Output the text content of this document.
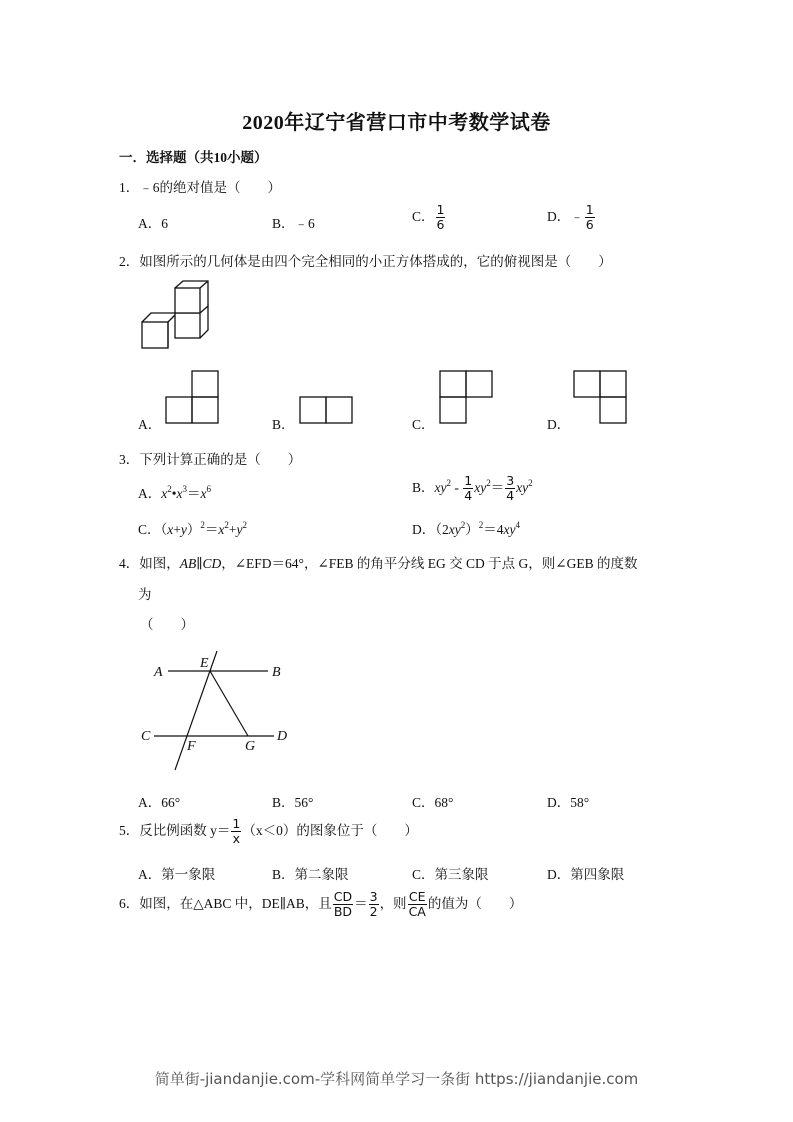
2020年辽宁省营口市中考数学试卷
一．选择题（共10小题）
1．﹣6的绝对值是（　　）
A．6	B．﹣6	C． $\frac{1}{6}$	D．﹣ $\frac{1}{6}$
2．如图所示的几何体是由四个完全相同的小正方体搭成的，它的俯视图是（　　）
A．	B．	C．	D．
3．下列计算正确的是（　　）
A．$x^2•x^3=x^6$	B．$xy^2 - \frac{1}{4} xy^2= \frac{3}{4} xy^2$
C．$(x+y)^2=x^2+y^2$	D．$(2xy^2)^2=4xy^4$
4．如图，AB∥CD，∠EFD＝64°，∠FEB 的角平分线 EG 交 CD 于点 G，则∠GEB 的度数
为
（　　）
A
E
B
C
F	G
D
A．66°	B．56°	C．68°	D．58°
5．反比例函数 $y= \frac{1}{x} (x<0)$的图象位于（　　）
A．第一象限	B．第二象限	C．第三象限	D．第四象限
6．如图，在△ABC 中，DE∥AB，且 $\frac{CD}{BD} = \frac{3}{2}$ ，则 $\frac{CE}{CA}$ 的值为（　　）
简单街-jiandanjie.com-学科网简单学习一条街 https://jiandanjie.com
